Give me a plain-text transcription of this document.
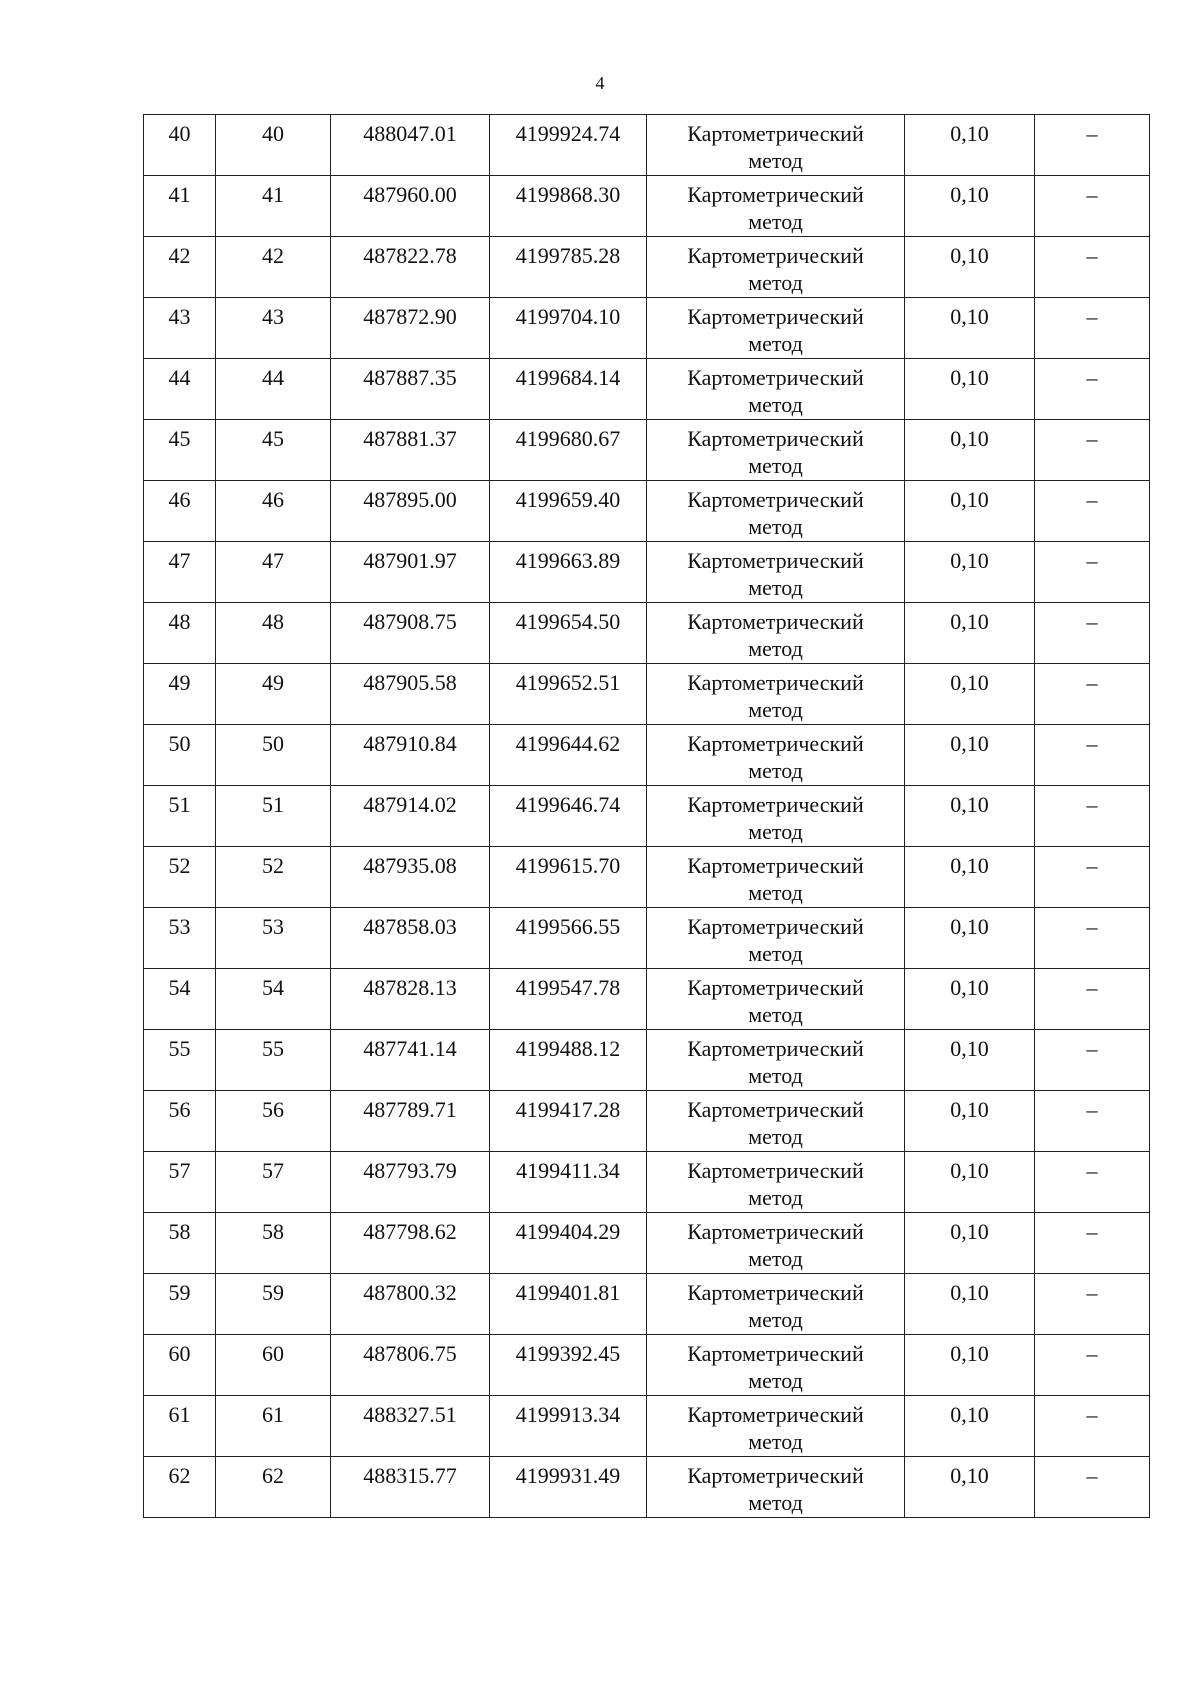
4
40	40	488047.01	4199924.74	Картометрический
метод	0,10	–
41	41	487960.00	4199868.30	Картометрический
метод	0,10	–
42	42	487822.78	4199785.28	Картометрический
метод	0,10	–
43	43	487872.90	4199704.10	Картометрический
метод	0,10	–
44	44	487887.35	4199684.14	Картометрический
метод	0,10	–
45	45	487881.37	4199680.67	Картометрический
метод	0,10	–
46	46	487895.00	4199659.40	Картометрический
метод	0,10	–
47	47	487901.97	4199663.89	Картометрический
метод	0,10	–
48	48	487908.75	4199654.50	Картометрический
метод	0,10	–
49	49	487905.58	4199652.51	Картометрический
метод	0,10	–
50	50	487910.84	4199644.62	Картометрический
метод	0,10	–
51	51	487914.02	4199646.74	Картометрический
метод	0,10	–
52	52	487935.08	4199615.70	Картометрический
метод	0,10	–
53	53	487858.03	4199566.55	Картометрический
метод	0,10	–
54	54	487828.13	4199547.78	Картометрический
метод	0,10	–
55	55	487741.14	4199488.12	Картометрический
метод	0,10	–
56	56	487789.71	4199417.28	Картометрический
метод	0,10	–
57	57	487793.79	4199411.34	Картометрический
метод	0,10	–
58	58	487798.62	4199404.29	Картометрический
метод	0,10	–
59	59	487800.32	4199401.81	Картометрический
метод	0,10	–
60	60	487806.75	4199392.45	Картометрический
метод	0,10	–
61	61	488327.51	4199913.34	Картометрический
метод	0,10	–
62	62	488315.77	4199931.49	Картометрический
метод	0,10	–
